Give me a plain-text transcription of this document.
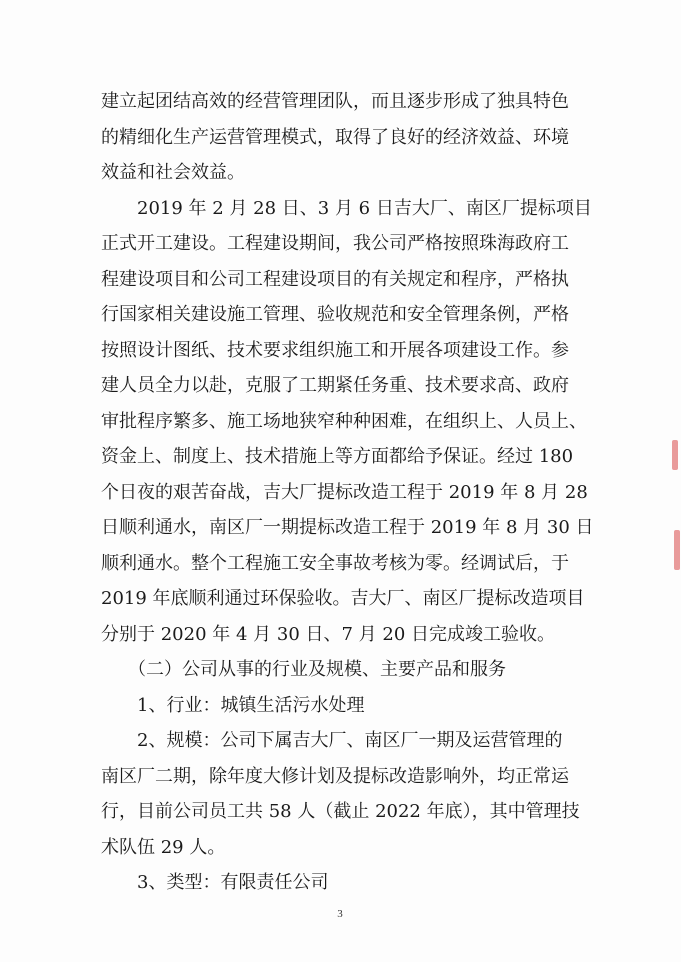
建立起团结高效的经营管理团队，而且逐步形成了独具特色
的精细化生产运营管理模式，取得了良好的经济效益、环境
效益和社会效益。
　　2019 年 2 月 28 日、3 月 6 日吉大厂、南区厂提标项目
正式开工建设。工程建设期间，我公司严格按照珠海政府工
程建设项目和公司工程建设项目的有关规定和程序，严格执
行国家相关建设施工管理、验收规范和安全管理条例，严格
按照设计图纸、技术要求组织施工和开展各项建设工作。参
建人员全力以赴，克服了工期紧任务重、技术要求高、政府
审批程序繁多、施工场地狭窄种种困难，在组织上、人员上、
资金上、制度上、技术措施上等方面都给予保证。经过 180
个日夜的艰苦奋战，吉大厂提标改造工程于 2019 年 8 月 28
日顺利通水，南区厂一期提标改造工程于 2019 年 8 月 30 日
顺利通水。整个工程施工安全事故考核为零。经调试后，于
2019 年底顺利通过环保验收。吉大厂、南区厂提标改造项目
分别于 2020 年 4 月 30 日、7 月 20 日完成竣工验收。
　　（二）公司从事的行业及规模、主要产品和服务
　　1、行业：城镇生活污水处理
　　2、规模：公司下属吉大厂、南区厂一期及运营管理的
南区厂二期，除年度大修计划及提标改造影响外，均正常运
行，目前公司员工共 58 人（截止 2022 年底），其中管理技
术队伍 29 人。
　　3、类型：有限责任公司
3
